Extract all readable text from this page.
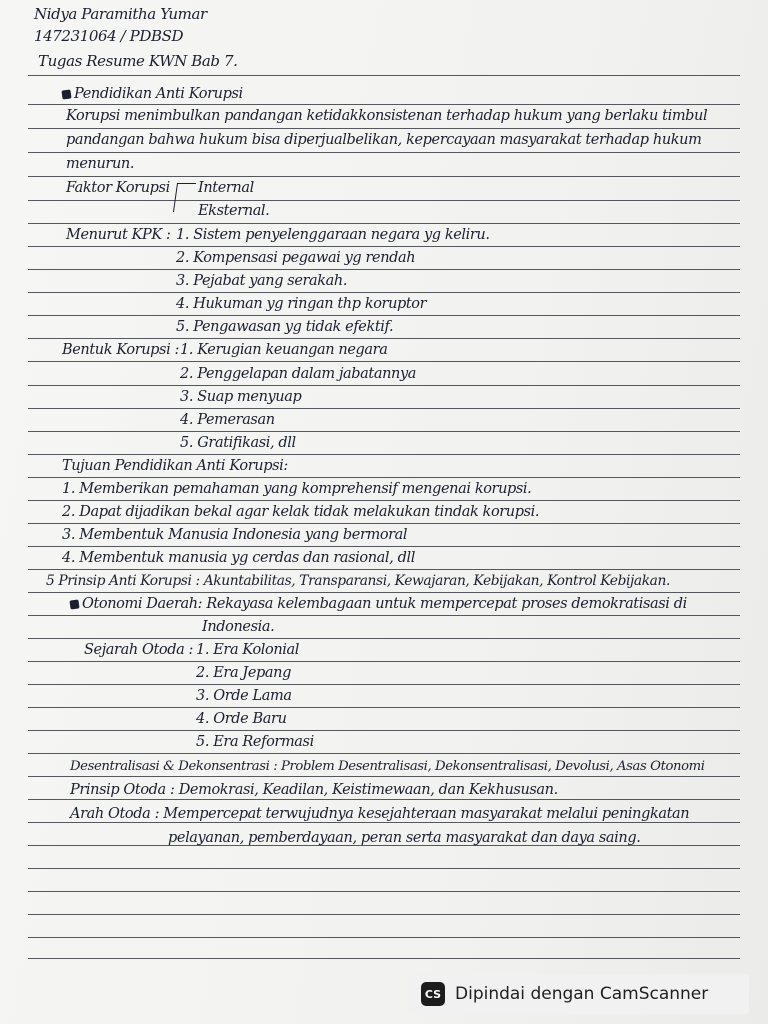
Nidya Paramitha Yumar
147231064 / PDBSD
Tugas Resume KWN Bab 7.
Pendidikan Anti Korupsi
Korupsi menimbulkan pandangan ketidakkonsistenan terhadap hukum yang berlaku timbul
pandangan bahwa hukum bisa diperjualbelikan, kepercayaan masyarakat terhadap hukum
menurun.
Faktor Korupsi Internal
Eksternal.
Menurut KPK : 1. Sistem penyelenggaraan negara yg keliru.
2. Kompensasi pegawai yg rendah
3. Pejabat yang serakah.
4. Hukuman yg ringan thp koruptor
5. Pengawasan yg tidak efektif.
Bentuk Korupsi : 1. Kerugian keuangan negara
2. Penggelapan dalam jabatannya
3. Suap menyuap
4. Pemerasan
5. Gratifikasi, dll
Tujuan Pendidikan Anti Korupsi:
1. Memberikan pemahaman yang komprehensif mengenai korupsi.
2. Dapat dijadikan bekal agar kelak tidak melakukan tindak korupsi.
3. Membentuk Manusia Indonesia yang bermoral
4. Membentuk manusia yg cerdas dan rasional, dll
5 Prinsip Anti Korupsi : Akuntabilitas, Transparansi, Kewajaran, Kebijakan, Kontrol Kebijakan.
Otonomi Daerah: Rekayasa kelembagaan untuk mempercepat proses demokratisasi di
Indonesia.
Sejarah Otoda : 1. Era Kolonial
2. Era Jepang
3. Orde Lama
4. Orde Baru
5. Era Reformasi
Desentralisasi & Dekonsentrasi : Problem Desentralisasi, Dekonsentralisasi, Devolusi, Asas Otonomi
Prinsip Otoda : Demokrasi, Keadilan, Keistimewaan, dan Kekhususan.
Arah Otoda : Mempercepat terwujudnya kesejahteraan masyarakat melalui peningkatan
pelayanan, pemberdayaan, peran serta masyarakat dan daya saing.
CS Dipindai dengan CamScanner
